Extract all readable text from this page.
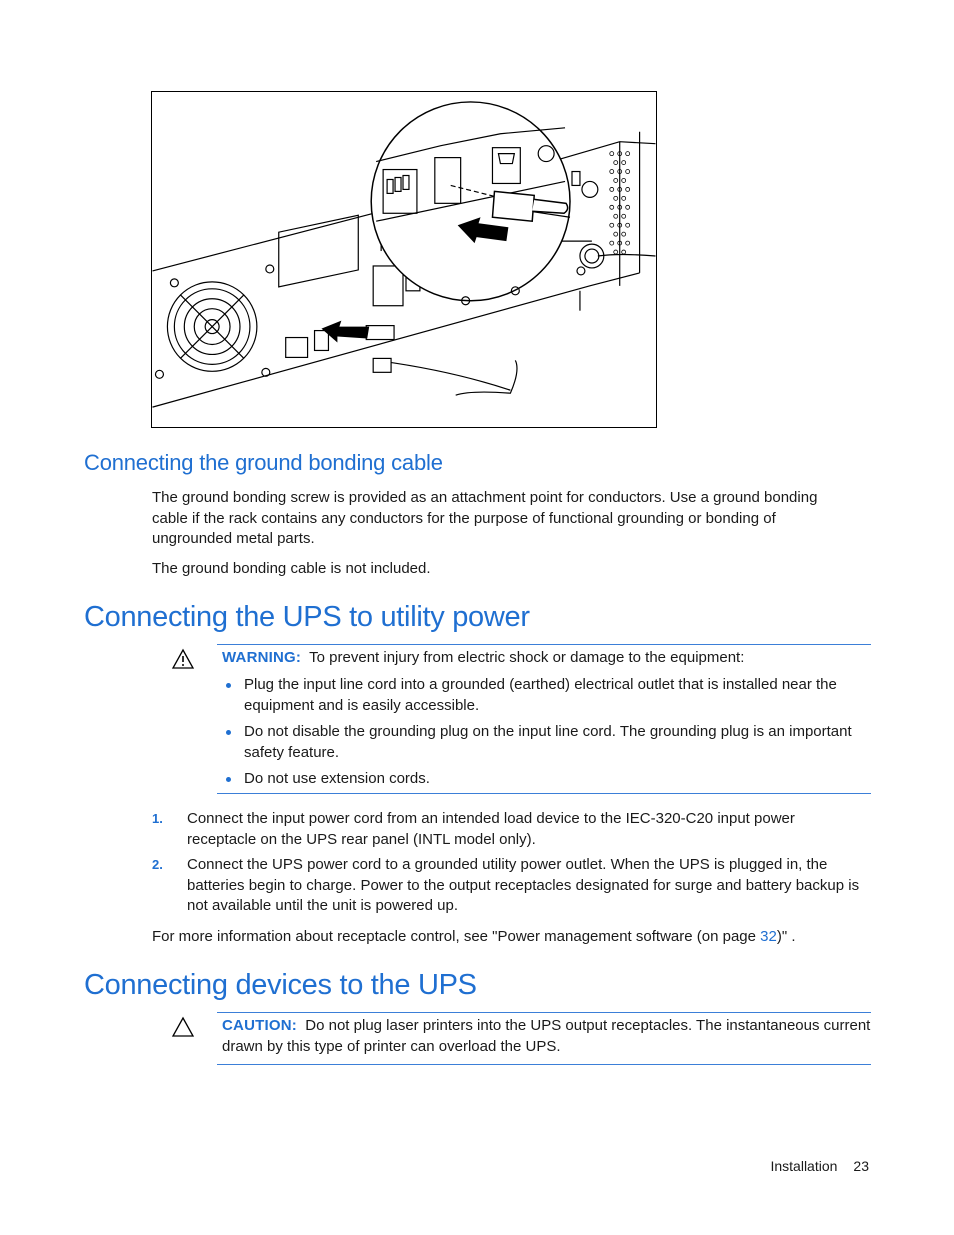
Connecting the ground bonding cable

The ground bonding screw is provided as an attachment point for conductors. Use a ground bonding cable if the rack contains any conductors for the purpose of functional grounding or bonding of ungrounded metal parts.

The ground bonding cable is not included.

Connecting the UPS to utility power

WARNING: To prevent injury from electric shock or damage to the equipment:

Plug the input line cord into a grounded (earthed) electrical outlet that is installed near the equipment and is easily accessible.
Do not disable the grounding plug on the input line cord. The grounding plug is an important safety feature.
Do not use extension cords.
1. Connect the input power cord from an intended load device to the IEC-320-C20 input power receptacle on the UPS rear panel (INTL model only).
2. Connect the UPS power cord to a grounded utility power outlet. When the UPS is plugged in, the batteries begin to charge. Power to the output receptacles designated for surge and battery backup is not available until the unit is powered up.

For more information about receptacle control, see "Power management software (on page 32)" .

Connecting devices to the UPS

CAUTION: Do not plug laser printers into the UPS output receptacles. The instantaneous current drawn by this type of printer can overload the UPS.

Installation 23
